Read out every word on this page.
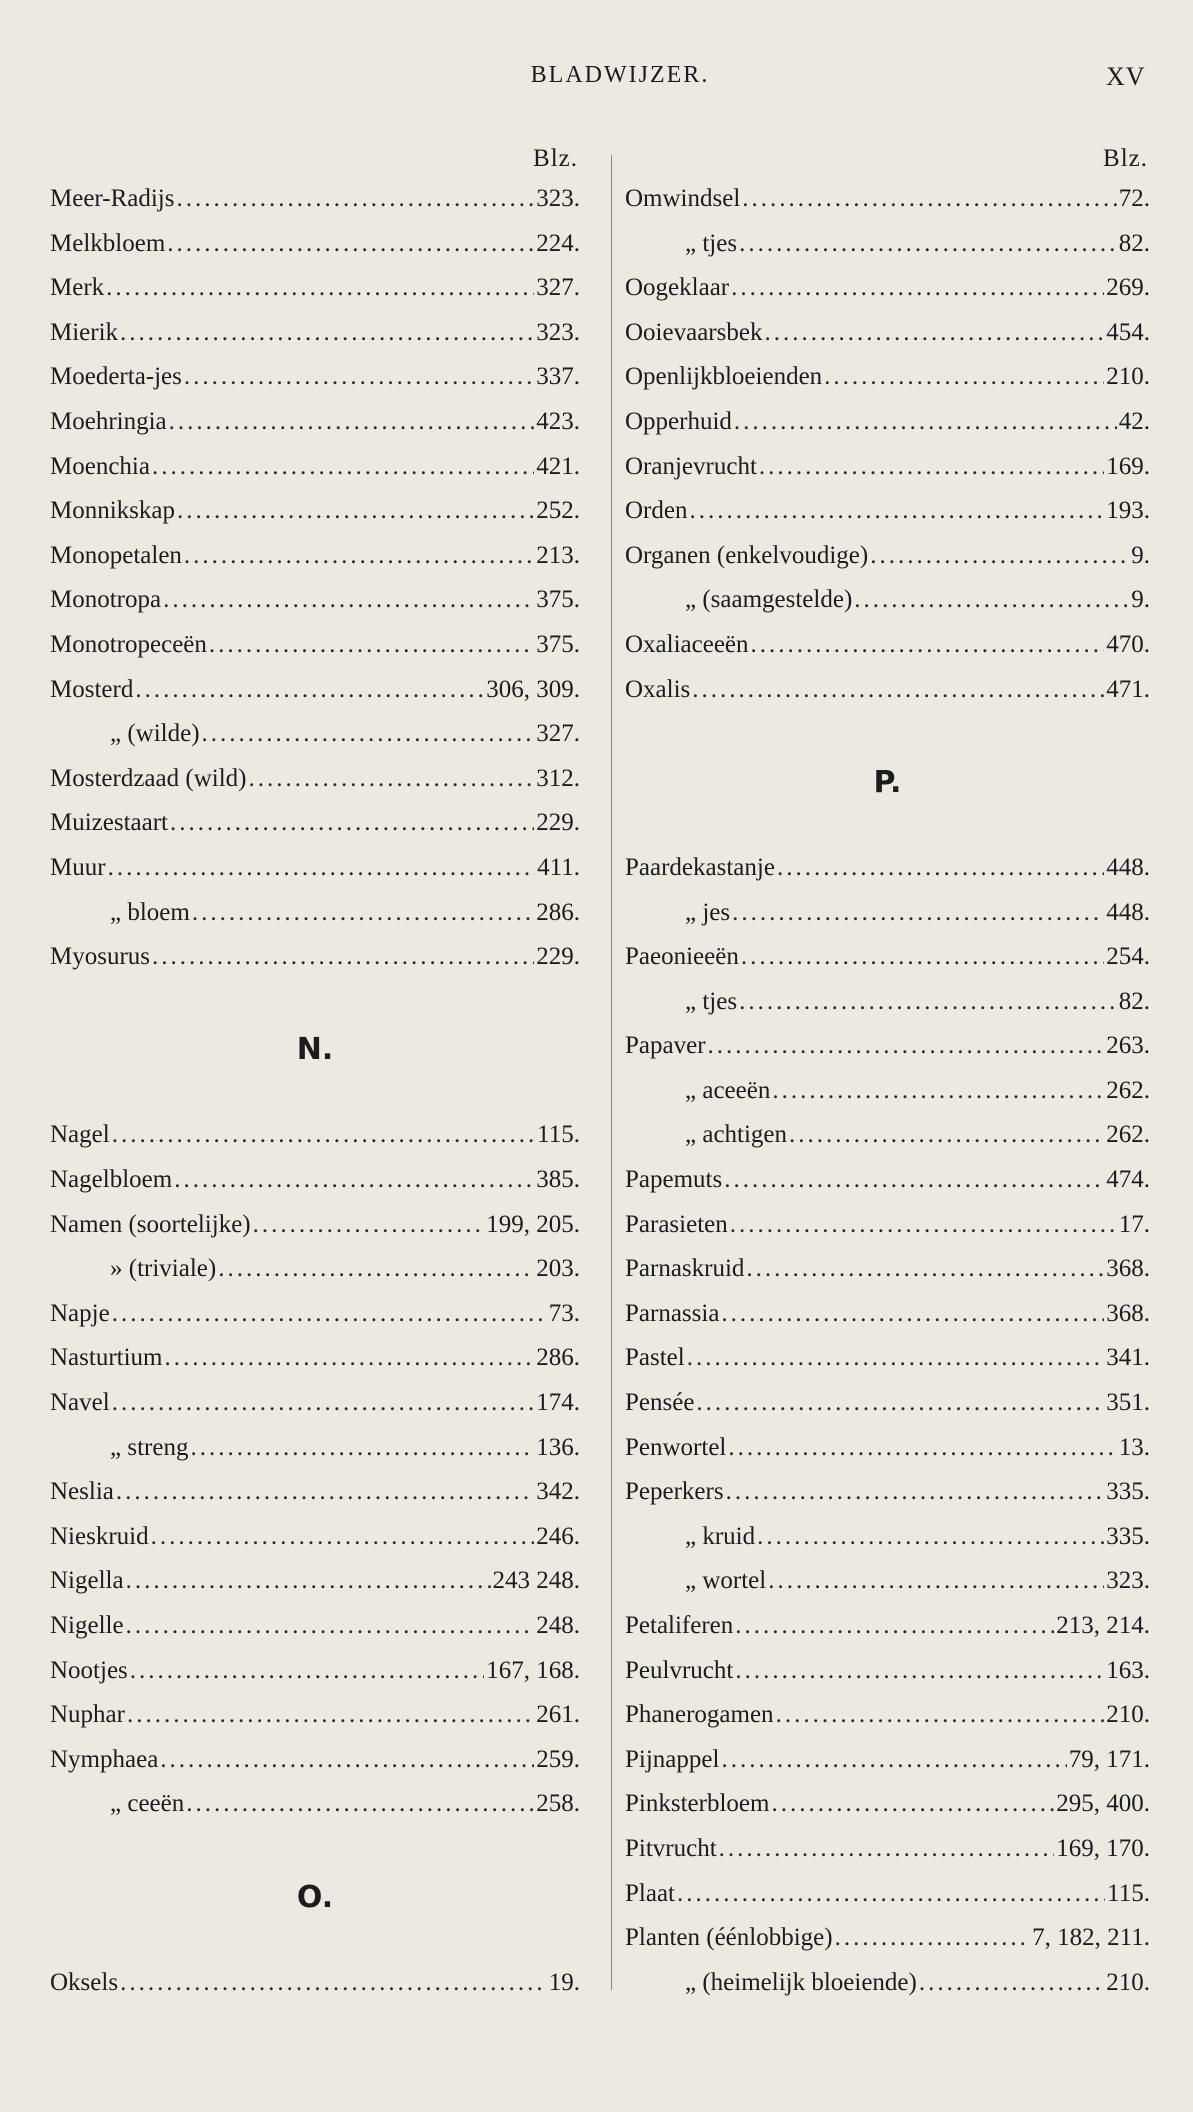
BLADWIJZER.	XV
Blz.
Meer-Radijs .....	323.
Melkbloem .....	224.
Merk .....	327.
Mierik .....	323.
Moederta-jes .....	337.
Moehringia .....	423.
Moenchia .....	421.
Monnikskap .....	252.
Monopetalen .....	213.
Monotropa .....	375.
Monotropeceën .....	375.
Mosterd .....	306, 309.
„ (wilde) .....	327.
Mosterdzaad (wild) .....	312.
Muizestaart .....	229.
Muur .....	411.
„ bloem .....	286.
Myosurus .....	229.
N.
Nagel .....	115.
Nagelbloem .....	385.
Namen (soortelijke) .....	199, 205.
» (triviale) .....	203.
Napje .....	73.
Nasturtium .....	286.
Navel .....	174.
„ streng .....	136.
Neslia .....	342.
Nieskruid .....	246.
Nigella .....	243 248.
Nigelle .....	248.
Nootjes .....	167, 168.
Nuphar .....	261.
Nymphaea .....	259.
„ ceeën .....	258.
O.
Oksels .....	19.
Blz.
Omwindsel .....	72.
„ tjes .....	82.
Oogeklaar .....	269.
Ooievaarsbek .....	454.
Openlijkbloeienden .....	210.
Opperhuid .....	42.
Oranjevrucht .....	169.
Orden .....	193.
Organen (enkelvoudige) .....	9.
„ (saamgestelde) .....	9.
Oxaliaceeën .....	470.
Oxalis .....	471.
P.
Paardekastanje .....	448.
„ jes .....	448.
Paeonieeën .....	254.
„ tjes .....	82.
Papaver .....	263.
„ aceeën .....	262.
„ achtigen .....	262.
Papemuts .....	474.
Parasieten .....	17.
Parnaskruid .....	368.
Parnassia .....	368.
Pastel .....	341.
Pensée .....	351.
Penwortel .....	13.
Peperkers .....	335.
„ kruid .....	335.
„ wortel .....	323.
Petaliferen .....	213, 214.
Peulvrucht .....	163.
Phanerogamen .....	210.
Pijnappel .....	79, 171.
Pinksterbloem .....	295, 400.
Pitvrucht .....	169, 170.
Plaat .....	115.
Planten (éénlobbige) .....	7, 182, 211.
„ (heimelijk bloeiende) .....	210.
